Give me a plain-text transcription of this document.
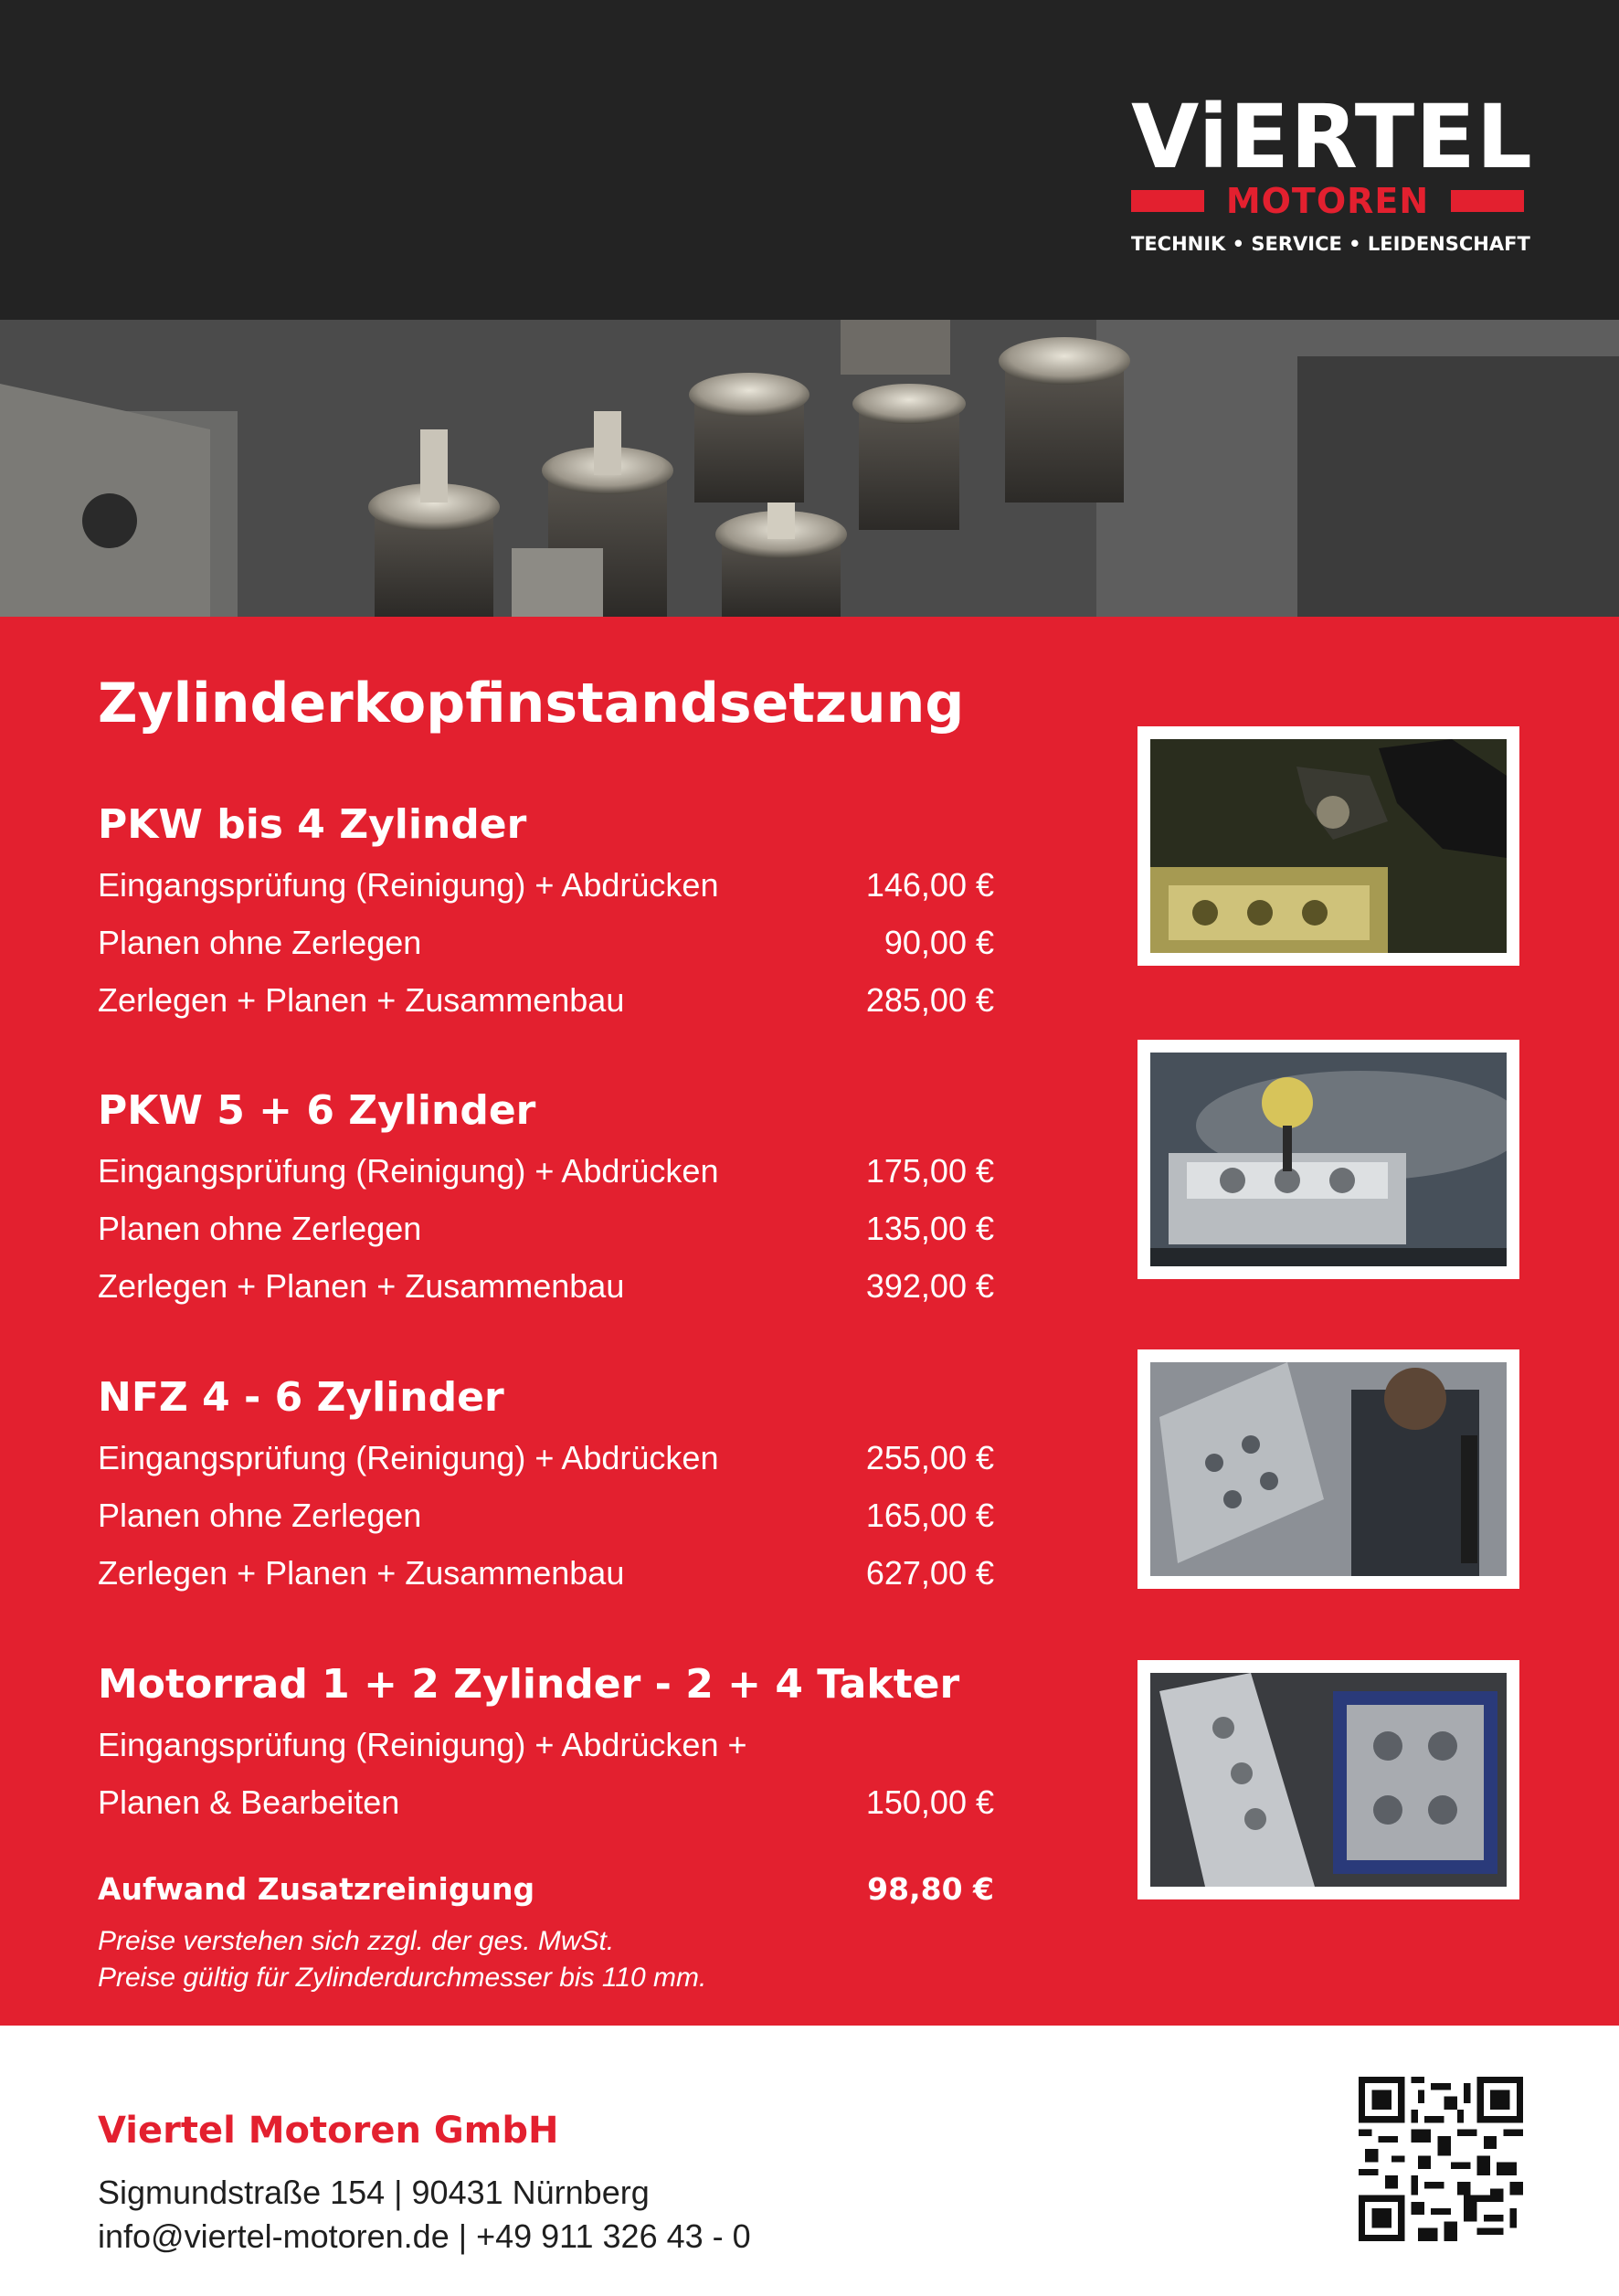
ViERTEL
MOTOREN
TECHNIK • SERVICE • LEIDENSCHAFT
Zylinderkopfinstandsetzung
PKW bis 4 Zylinder
Eingangsprüfung (Reinigung) + Abdrücken	146,00 €
Planen ohne Zerlegen	90,00 €
Zerlegen + Planen + Zusammenbau	285,00 €
PKW 5 + 6 Zylinder
Eingangsprüfung (Reinigung) + Abdrücken	175,00 €
Planen ohne Zerlegen	135,00 €
Zerlegen + Planen + Zusammenbau	392,00 €
NFZ 4 - 6 Zylinder
Eingangsprüfung (Reinigung) + Abdrücken	255,00 €
Planen ohne Zerlegen	165,00 €
Zerlegen + Planen + Zusammenbau	627,00 €
Motorrad 1 + 2 Zylinder - 2 + 4 Takter
Eingangsprüfung (Reinigung) + Abdrücken +
Planen & Bearbeiten	150,00 €
Aufwand Zusatzreinigung	98,80 €
Preise verstehen sich zzgl. der ges. MwSt.
Preise gültig für Zylinderdurchmesser bis 110 mm.
Viertel Motoren GmbH
Sigmundstraße 154 | 90431 Nürnberg
info@viertel-motoren.de | +49 911 326 43 - 0
